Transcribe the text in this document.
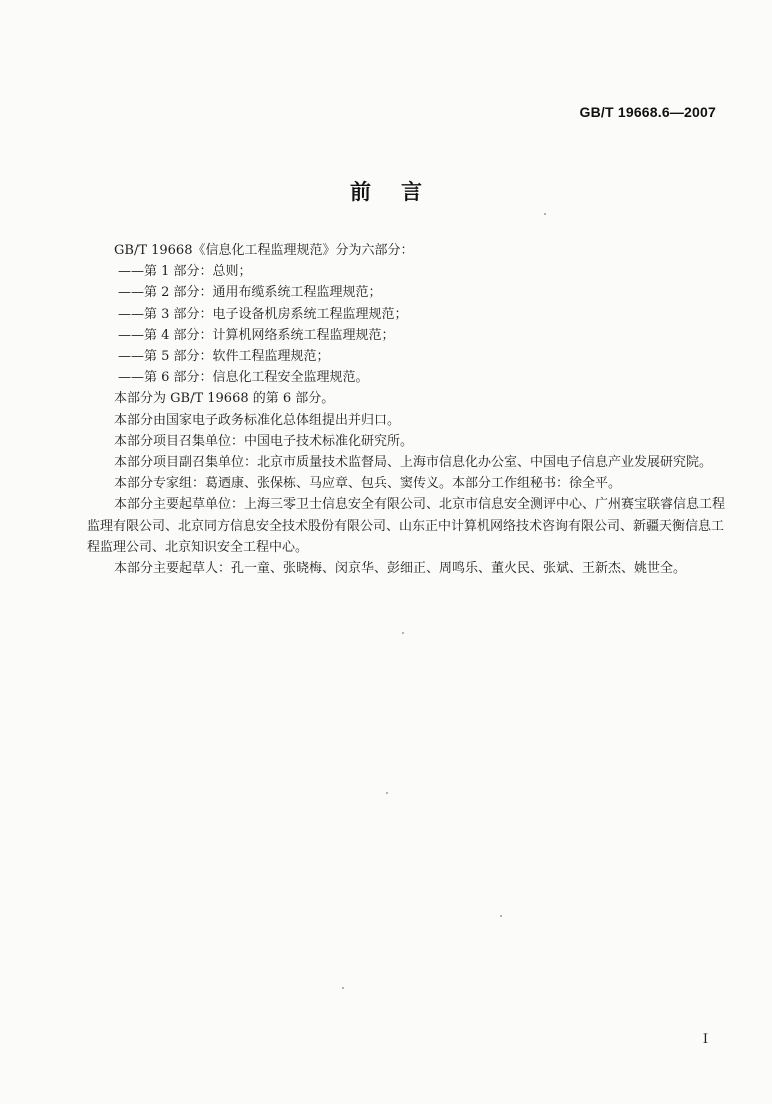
GB/T 19668.6—2007
前言

GB/T 19668《信息化工程监理规范》分为六部分：

——第 1 部分：总则；

——第 2 部分：通用布缆系统工程监理规范；

——第 3 部分：电子设备机房系统工程监理规范；

——第 4 部分：计算机网络系统工程监理规范；

——第 5 部分：软件工程监理规范；

——第 6 部分：信息化工程安全监理规范。

本部分为 GB/T 19668 的第 6 部分。

本部分由国家电子政务标准化总体组提出并归口。

本部分项目召集单位：中国电子技术标准化研究所。

本部分项目副召集单位：北京市质量技术监督局、上海市信息化办公室、中国电子信息产业发展研究院。

本部分专家组：葛迺康、张保栋、马应章、包兵、窦传义。本部分工作组秘书：徐全平。

本部分主要起草单位：上海三零卫士信息安全有限公司、北京市信息安全测评中心、广州赛宝联睿信息工程监理有限公司、北京同方信息安全技术股份有限公司、山东正中计算机网络技术咨询有限公司、新疆天衡信息工程监理公司、北京知识安全工程中心。

本部分主要起草人：孔一童、张晓梅、闵京华、彭细正、周鸣乐、董火民、张斌、王新杰、姚世全。

I
